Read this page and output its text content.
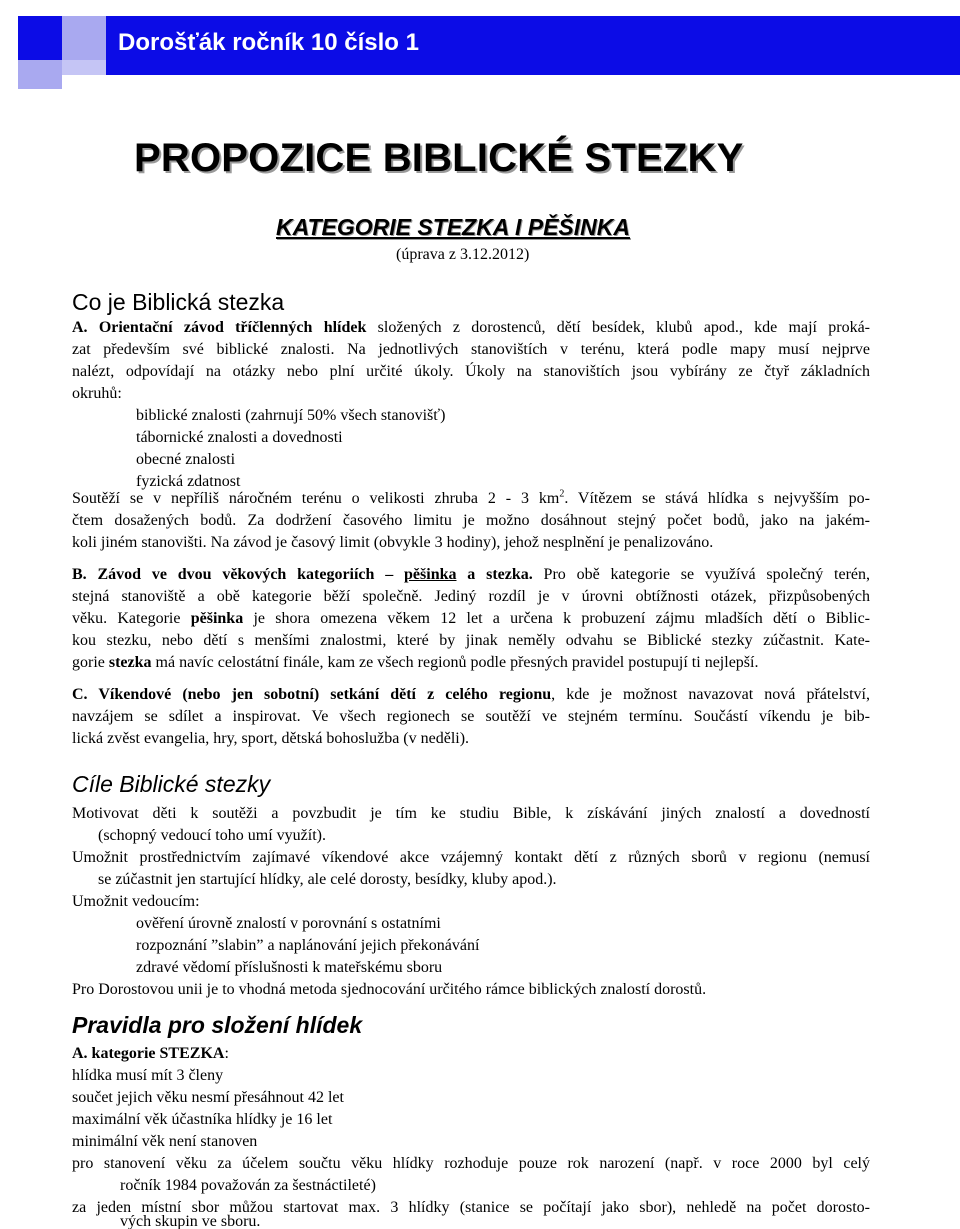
Dorošťák ročník 10 číslo 1
PROPOZICE BIBLICKÉ STEZKY
KATEGORIE STEZKA I PĚŠINKA
(úprava z 3.12.2012)
Co je Biblická stezka
A. Orientační závod tříčlenných hlídek složených z dorostenců, dětí besídek, klubů apod., kde mají proká-
zat především své biblické znalosti. Na jednotlivých stanovištích v terénu, která podle mapy musí nejprve
nalézt, odpovídají na otázky nebo plní určité úkoly. Úkoly na stanovištích jsou vybírány ze čtyř základních
okruhů:
biblické znalosti (zahrnují 50% všech stanovišť)
tábornické znalosti a dovednosti
obecné znalosti
fyzická zdatnost
Soutěží se v nepříliš náročném terénu o velikosti zhruba 2 - 3 $km^2$. Vítězem se stává hlídka s nejvyšším po-
čtem dosažených bodů. Za dodržení časového limitu je možno dosáhnout stejný počet bodů, jako na jakém-
koli jiném stanovišti. Na závod je časový limit (obvykle 3 hodiny), jehož nesplnění je penalizováno.
B. Závod ve dvou věkových kategoriích – pěšinka a stezka. Pro obě kategorie se využívá společný terén,
stejná stanoviště a obě kategorie běží společně. Jediný rozdíl je v úrovni obtížnosti otázek, přizpůsobených
věku. Kategorie pěšinka je shora omezena věkem 12 let a určena k probuzení zájmu mladších dětí o Biblic-
kou stezku, nebo dětí s menšími znalostmi, které by jinak neměly odvahu se Biblické stezky zúčastnit. Kate-
gorie stezka má navíc celostátní finále, kam ze všech regionů podle přesných pravidel postupují ti nejlepší.
C. Víkendové (nebo jen sobotní) setkání dětí z celého regionu, kde je možnost navazovat nová přátelství,
navzájem se sdílet a inspirovat. Ve všech regionech se soutěží ve stejném termínu. Součástí víkendu je bib-
lická zvěst evangelia, hry, sport, dětská bohoslužba (v neděli).
Cíle Biblické stezky
Motivovat děti k soutěži a povzbudit je tím ke studiu Bible, k získávání jiných znalostí a dovedností
(schopný vedoucí toho umí využít).
Umožnit prostřednictvím zajímavé víkendové akce vzájemný kontakt dětí z různých sborů v regionu (nemusí
se zúčastnit jen startující hlídky, ale celé dorosty, besídky, kluby apod.).
Umožnit vedoucím:
ověření úrovně znalostí v porovnání s ostatními
rozpoznání ”slabin” a naplánování jejich překonávání
zdravé vědomí příslušnosti k mateřskému sboru
Pro Dorostovou unii je to vhodná metoda sjednocování určitého rámce biblických znalostí dorostů.
Pravidla pro složení hlídek
A. kategorie STEZKA:
hlídka musí mít 3 členy
součet jejich věku nesmí přesáhnout 42 let
maximální věk účastníka hlídky je 16 let
minimální věk není stanoven
pro stanovení věku za účelem součtu věku hlídky rozhoduje pouze rok narození (např. v roce 2000 byl celý
ročník 1984 považován za šestnáctileté)
za jeden místní sbor můžou startovat max. 3 hlídky (stanice se počítají jako sbor), nehledě na počet dorosto-
vých skupin ve sboru.
